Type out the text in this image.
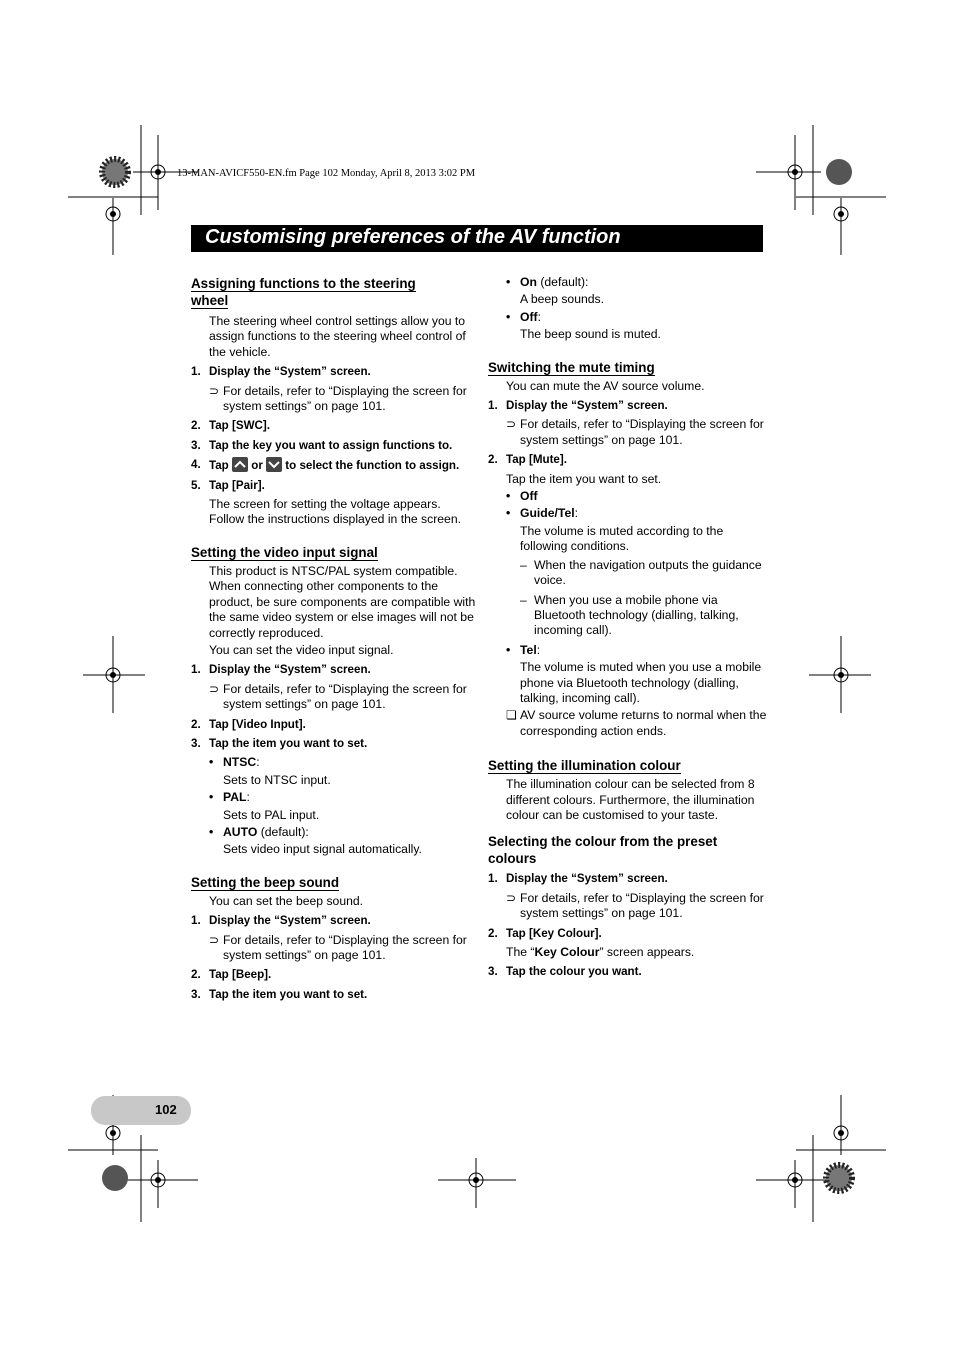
13-MAN-AVICF550-EN.fm Page 102 Monday, April 8, 2013 3:02 PM
Customising preferences of the AV function

Assigning functions to the steering
wheel

The steering wheel control settings allow you to assign functions to the steering wheel control of the vehicle.
1. Display the “System” screen.
⊃ For details, refer to “Displaying the screen for system settings” on page 101.
2. Tap [SWC].
3. Tap the key you want to assign functions to.
4. Tap or to select the function to assign.
5. Tap [Pair].
The screen for setting the voltage appears. Follow the instructions displayed in the screen.

Setting the video input signal

This product is NTSC/PAL system compatible. When connecting other components to the product, be sure components are compatible with the same video system or else images will not be correctly reproduced.
You can set the video input signal.
1. Display the “System” screen.
⊃ For details, refer to “Displaying the screen for system settings” on page 101.
2. Tap [Video Input].
3. Tap the item you want to set.
• NTSC:
Sets to NTSC input.
• PAL:
Sets to PAL input.
• AUTO (default):
Sets video input signal automatically.

Setting the beep sound

You can set the beep sound.
1. Display the “System” screen.
⊃ For details, refer to “Displaying the screen for system settings” on page 101.
2. Tap [Beep].
3. Tap the item you want to set.
• On (default):
A beep sounds.
• Off:
The beep sound is muted.

Switching the mute timing

You can mute the AV source volume.
1. Display the “System” screen.
⊃ For details, refer to “Displaying the screen for system settings” on page 101.
2. Tap [Mute].
Tap the item you want to set.
• Off
• Guide/Tel:
The volume is muted according to the following conditions.
– When the navigation outputs the guidance voice.
– When you use a mobile phone via Bluetooth technology (dialling, talking, incoming call).
• Tel:
The volume is muted when you use a mobile phone via Bluetooth technology (dialling, talking, incoming call).
❏ AV source volume returns to normal when the corresponding action ends.

Setting the illumination colour

The illumination colour can be selected from 8 different colours. Furthermore, the illumination colour can be customised to your taste.

Selecting the colour from the preset
colours

1. Display the “System” screen.
⊃ For details, refer to “Displaying the screen for system settings” on page 101.
2. Tap [Key Colour].
The “Key Colour” screen appears.
3. Tap the colour you want.
102
